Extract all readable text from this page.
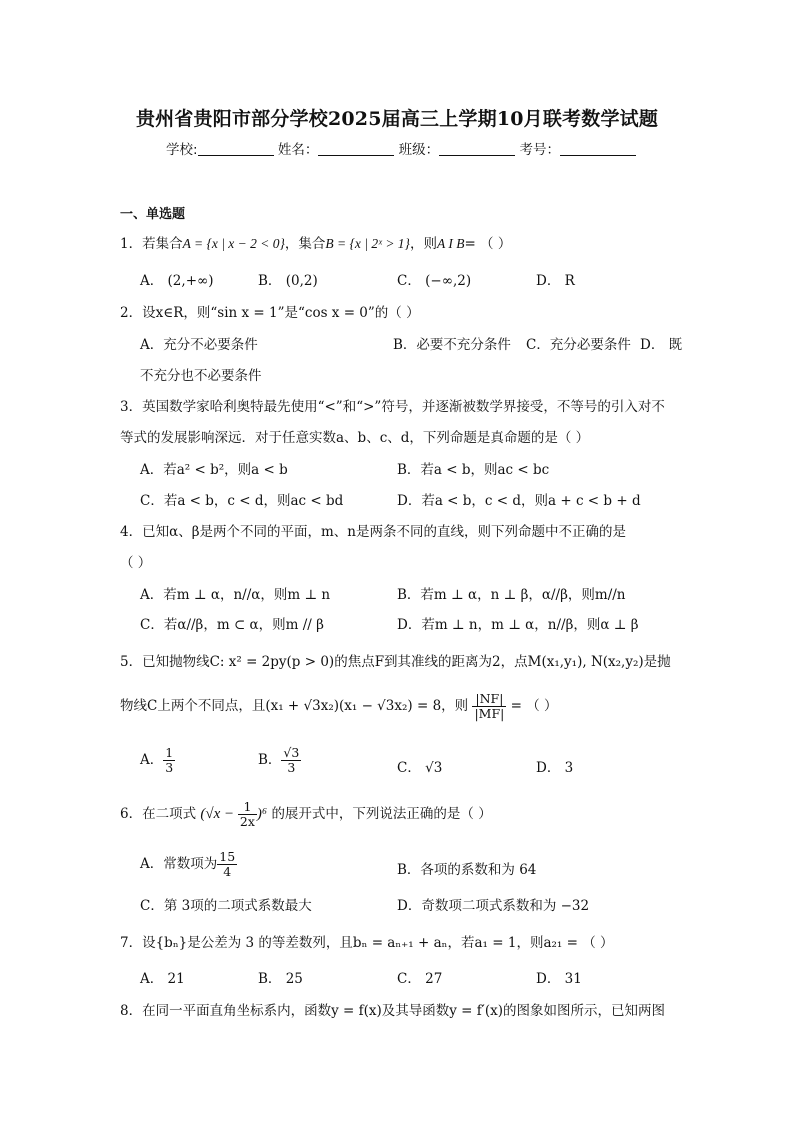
贵州省贵阳市部分学校2025届高三上学期10月联考数学试题
学校:	姓名：	班级：	考号：
一、单选题
1．若集合A = {x | x − 2 < 0}，集合B = {x | 2ˣ > 1}，则A I B= （ ）
A． (2,+∞)	B． (0,2)	C． (−∞,2)	D． R
2．设x∈R，则“sin x = 1”是“cos x = 0”的（ ）
A．充分不必要条件	B．必要不充分条件 C．充分必要条件 D． 既
不充分也不必要条件
3．英国数学家哈利奥特最先使用“<”和“>”符号，并逐渐被数学界接受，不等号的引入对不
等式的发展影响深远．对于任意实数a、b、c、d，下列命题是真命题的是（ ）
A．若a² < b²，则a < b	B．若a < b，则ac < bc
C．若a < b，c < d，则ac < bd	D．若a < b，c < d，则a + c < b + d
4．已知α、β是两个不同的平面，m、n是两条不同的直线，则下列命题中不正确的是
（ ）
A．若m ⊥ α，n//α，则m ⊥ n	B．若m ⊥ α，n ⊥ β，α//β，则m//n
C．若α//β，m ⊂ α，则m // β	D．若m ⊥ n，m ⊥ α，n//β，则α ⊥ β
5．已知抛物线C: x² = 2py(p > 0)的焦点F到其准线的距离为2，点M(x₁,y₁), N(x₂,y₂)是抛
物线C上两个不同点，且(x₁ + √3x₂)(x₁ − √3x₂) = 8，则 $\frac{|NF|}{|MF|}$ = （ ）
A． $\frac{1}{3}$	B． $\frac{√3}{3}$	C． √3	D． 3
6．在二项式 $(√x - \frac{1}{2x} )^6$ 的展开式中，下列说法正确的是（ ）
A．常数项为 $\frac{15}{4}$	B．各项的系数和为 64
C．第 3项的二项式系数最大	D．奇数项二项式系数和为 −32
7．设{bₙ}是公差为 3 的等差数列，且bₙ = aₙ₊₁ + aₙ，若a₁ = 1，则a₂₁ = （ ）
A． 21	B． 25	C． 27	D． 31
8．在同一平面直角坐标系内，函数y = f(x)及其导函数y = f′(x)的图象如图所示，已知两图
